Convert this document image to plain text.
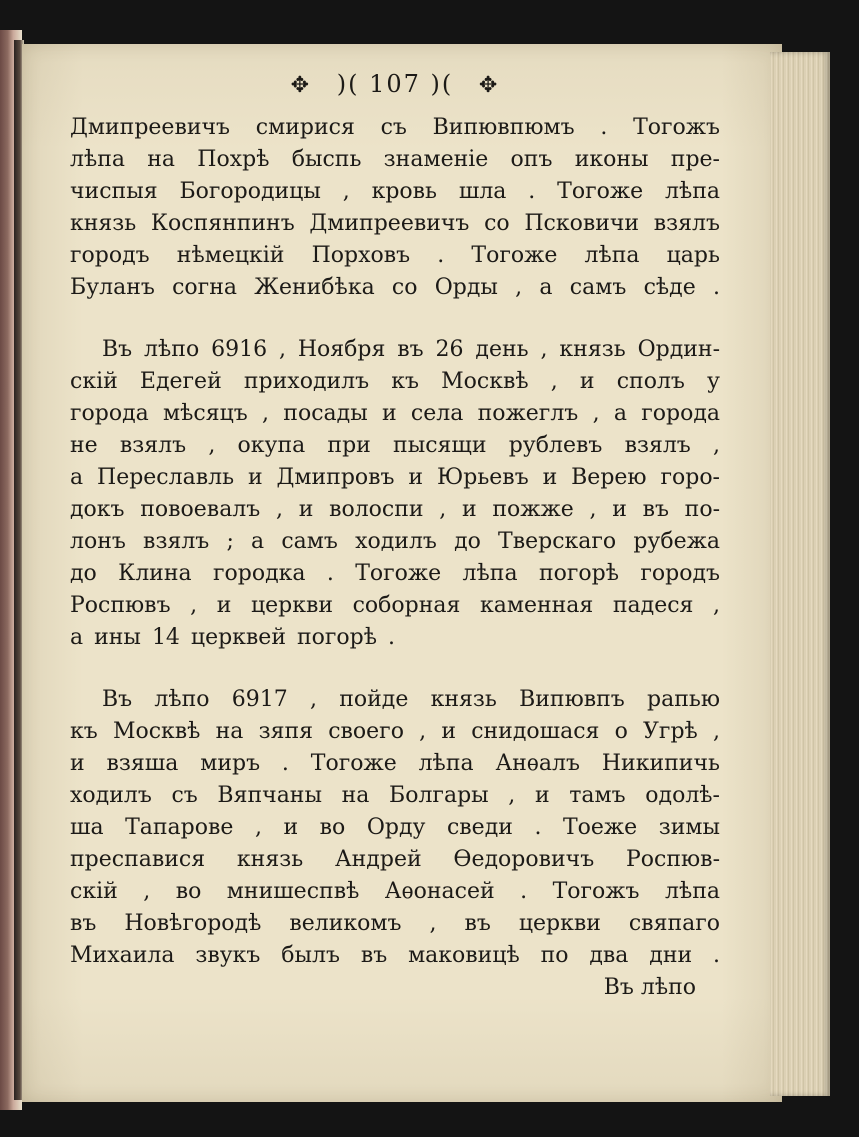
✥ )( 107 )( ✥
Дмипреевичъ смирися съ Випювпюмъ . Тогожъ
лѣпа на Похрѣ быспь знаменіе опъ иконы пре-
чиспыя Богородицы , кровь шла . Тогоже лѣпа
князь Коспянпинъ Дмипреевичъ со Псковичи взялъ
городъ нѣмецкій Порховъ . Тогоже лѣпа царь
Буланъ согна Женибѣка со Орды , а самъ сѣде .
Въ лѣпо 6916 , Ноября въ 26 день , князь Ордин-
скій Едегей приходилъ къ Москвѣ , и сполъ у
города мѣсяцъ , посады и села пожеглъ , а города
не взялъ , окупа при пысящи рублевъ взялъ ,
а Переславль и Дмипровъ и Юрьевъ и Верею горо-
докъ повоевалъ , и волоспи , и пожже , и въ по-
лонъ взялъ ; а самъ ходилъ до Тверскаго рубежа
до Клина городка . Тогоже лѣпа погорѣ городъ
Роспювъ , и церкви соборная каменная падеся ,
а ины 14 церквей погорѣ .
Въ лѣпо 6917 , пойде князь Випювпъ рапью
къ Москвѣ на зяпя своего , и снидошася о Угрѣ ,
и взяша миръ . Тогоже лѣпа Анѳалъ Никипичь
ходилъ съ Вяпчаны на Болгары , и тамъ одолѣ-
ша Тапарове , и во Орду сведи . Тоеже зимы
преспавися князь Андрей Ѳедоровичъ Роспюв-
скій , во мнишеспвѣ Аѳонасей . Тогожъ лѣпа
въ Новѣгородѣ великомъ , въ церкви свяпаго
Михаила звукъ былъ въ маковицѣ по два дни .
Въ лѣпо
